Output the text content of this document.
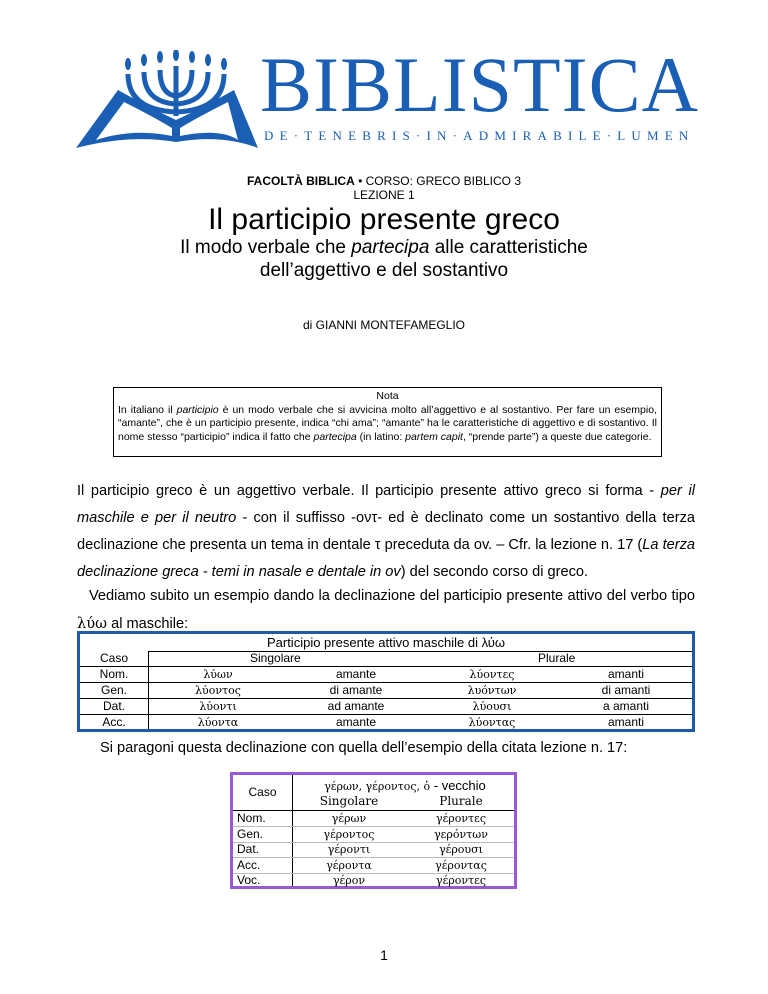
BIBLISTICA
DE·TENEBRIS·IN·ADMIRABILE·LUMEN
FACOLTÀ BIBLICA • CORSO: GRECO BIBLICO 3
LEZIONE 1
Il participio presente greco
Il modo verbale che partecipa alle caratteristiche
dell’aggettivo e del sostantivo
di GIANNI MONTEFAMEGLIO
Nota
In italiano il participio è un modo verbale che si avvicina molto all’aggettivo e al sostantivo. Per fare un esempio, “amante”, che è un participio presente, indica “chi ama”; “amante” ha le caratteristiche di aggettivo e di sostantivo. Il nome stesso “participio” indica il fatto che partecipa (in latino: partem capit, “prende parte”) a queste due categorie.
Il participio greco è un aggettivo verbale. Il participio presente attivo greco si forma - per il maschile e per il neutro - con il suffisso -οντ- ed è declinato come un sostantivo della terza declinazione che presenta un tema in dentale τ preceduta da ov. – Cfr. la lezione n. 17 (La terza declinazione greca - temi in nasale e dentale in ov) del secondo corso di greco.
Vediamo subito un esempio dando la declinazione del participio presente attivo del verbo tipo λύω al maschile:
Participio presente attivo maschile di λύω
Caso	Singolare	Plurale
Nom.	λύων	amante	λύοντες	amanti
Gen.	λύοντος	di amante	λυόντων	di amanti
Dat.	λύοντι	ad amante	λύουσι	a amanti
Acc.	λύοντα	amante	λύοντας	amanti
Si paragoni questa declinazione con quella dell’esempio della citata lezione n. 17:
Caso	γέρων, γέροντος, ὁ - vecchio
Singolare	Plurale
Nom.	γέρων	γέροντες
Gen.	γέροντος	γερόντων
Dat.	γέροντι	γέρουσι
Acc.	γέροντα	γέροντας
Voc.	γέρον	γέροντες
1
